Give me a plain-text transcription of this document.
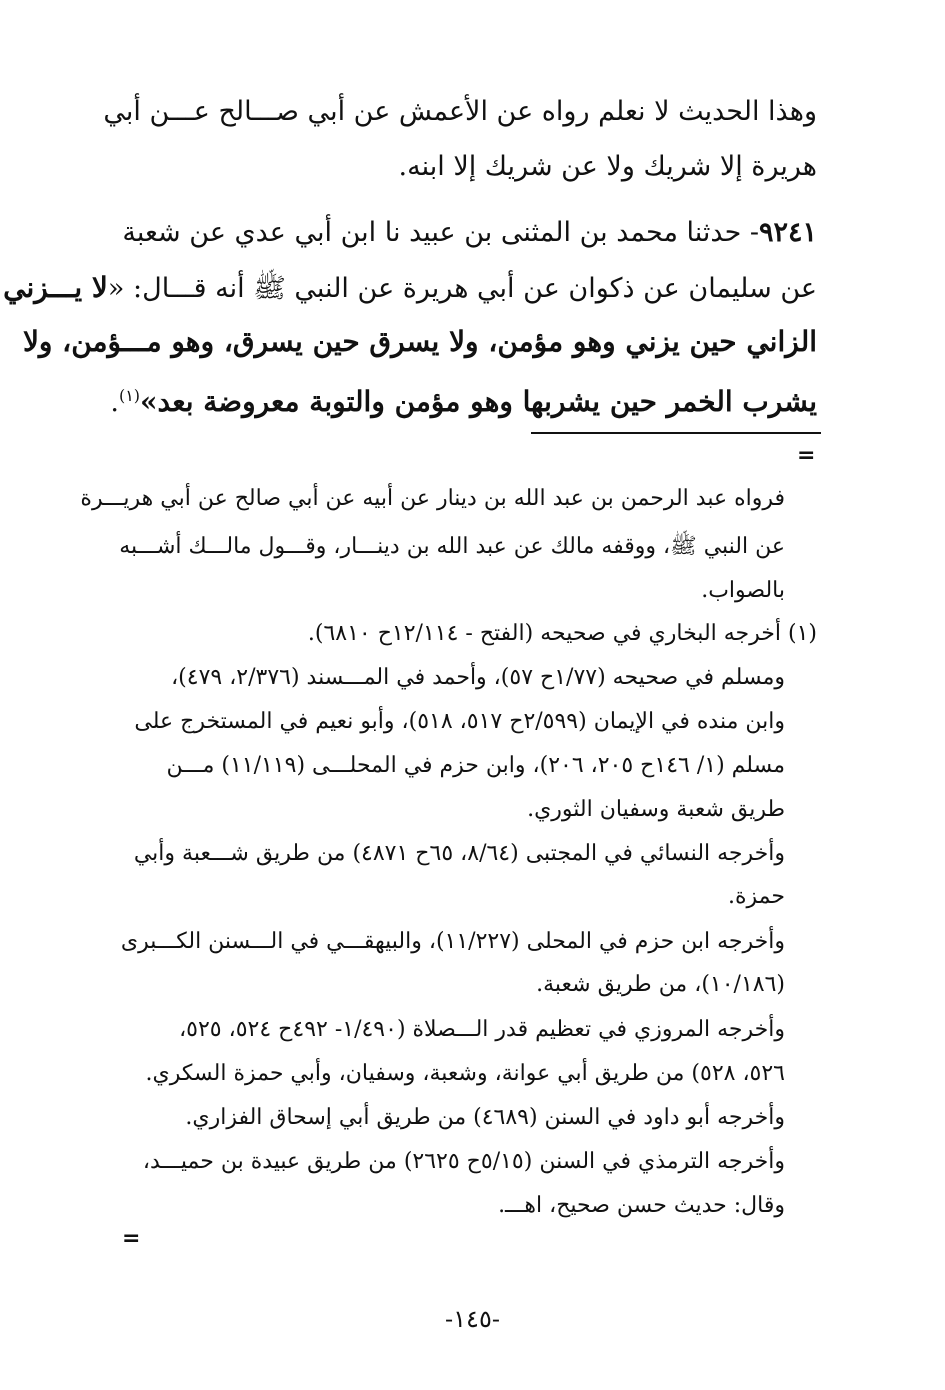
وهذا الحديث لا نعلم رواه عن الأعمش عن أبي صـــالح عـــن أبي
هريرة إلا شريك ولا عن شريك إلا ابنه.
٩٢٤١- حدثنا محمد بن المثنى بن عبيد نا ابن أبي عدي عن شعبة
عن سليمان عن ذكوان عن أبي هريرة عن النبي ﷺ أنه قـــال: «لا يـــزني
الزاني حين يزني وهو مؤمن، ولا يسرق حين يسرق، وهو مـــؤمن، ولا
يشرب الخمر حين يشربها وهو مؤمن والتوبة معروضة بعد»$^{(١)}$.
=
فرواه عبد الرحمن بن عبد الله بن دينار عن أبيه عن أبي صالح عن أبي هريـــرة
عن النبي ﷺ، ووقفه مالك عن عبد الله بن دينـــار، وقـــول مالـــك أشـــبه
بالصواب.
(١) أخرجه البخاري في صحيحه (الفتح - ١٢/١١٤ح ٦٨١٠).
ومسلم في صحيحه (١/٧٧ح ٥٧)، وأحمد في المـــسند (٢/٣٧٦، ٤٧٩)،
وابن منده في الإيمان (٢/٥٩٩ح ٥١٧، ٥١٨)، وأبو نعيم في المستخرج على
مسلم (١/ ١٤٦ح ٢٠٥، ٢٠٦)، وابن حزم في المحلـــى (١١/١١٩) مـــن
طريق شعبة وسفيان الثوري.
وأخرجه النسائي في المجتبى (٨/٦٤، ٦٥ح ٤٨٧١) من طريق شـــعبة وأبي
حمزة.
وأخرجه ابن حزم في المحلى (١١/٢٢٧)، والبيهقـــي في الـــسنن الكـــبرى
(١٠/١٨٦)، من طريق شعبة.
وأخرجه المروزي في تعظيم قدر الـــصلاة (١/٤٩٠- ٤٩٢ح ٥٢٤، ٥٢٥،
٥٢٦، ٥٢٨) من طريق أبي عوانة، وشعبة، وسفيان، وأبي حمزة السكري.
وأخرجه أبو داود في السنن (٤٦٨٩) من طريق أبي إسحاق الفزاري.
وأخرجه الترمذي في السنن (٥/١٥ح ٢٦٢٥) من طريق عبيدة بن حميـــد،
وقال: حديث حسن صحيح، اهـــ.
=
-١٤٥-
